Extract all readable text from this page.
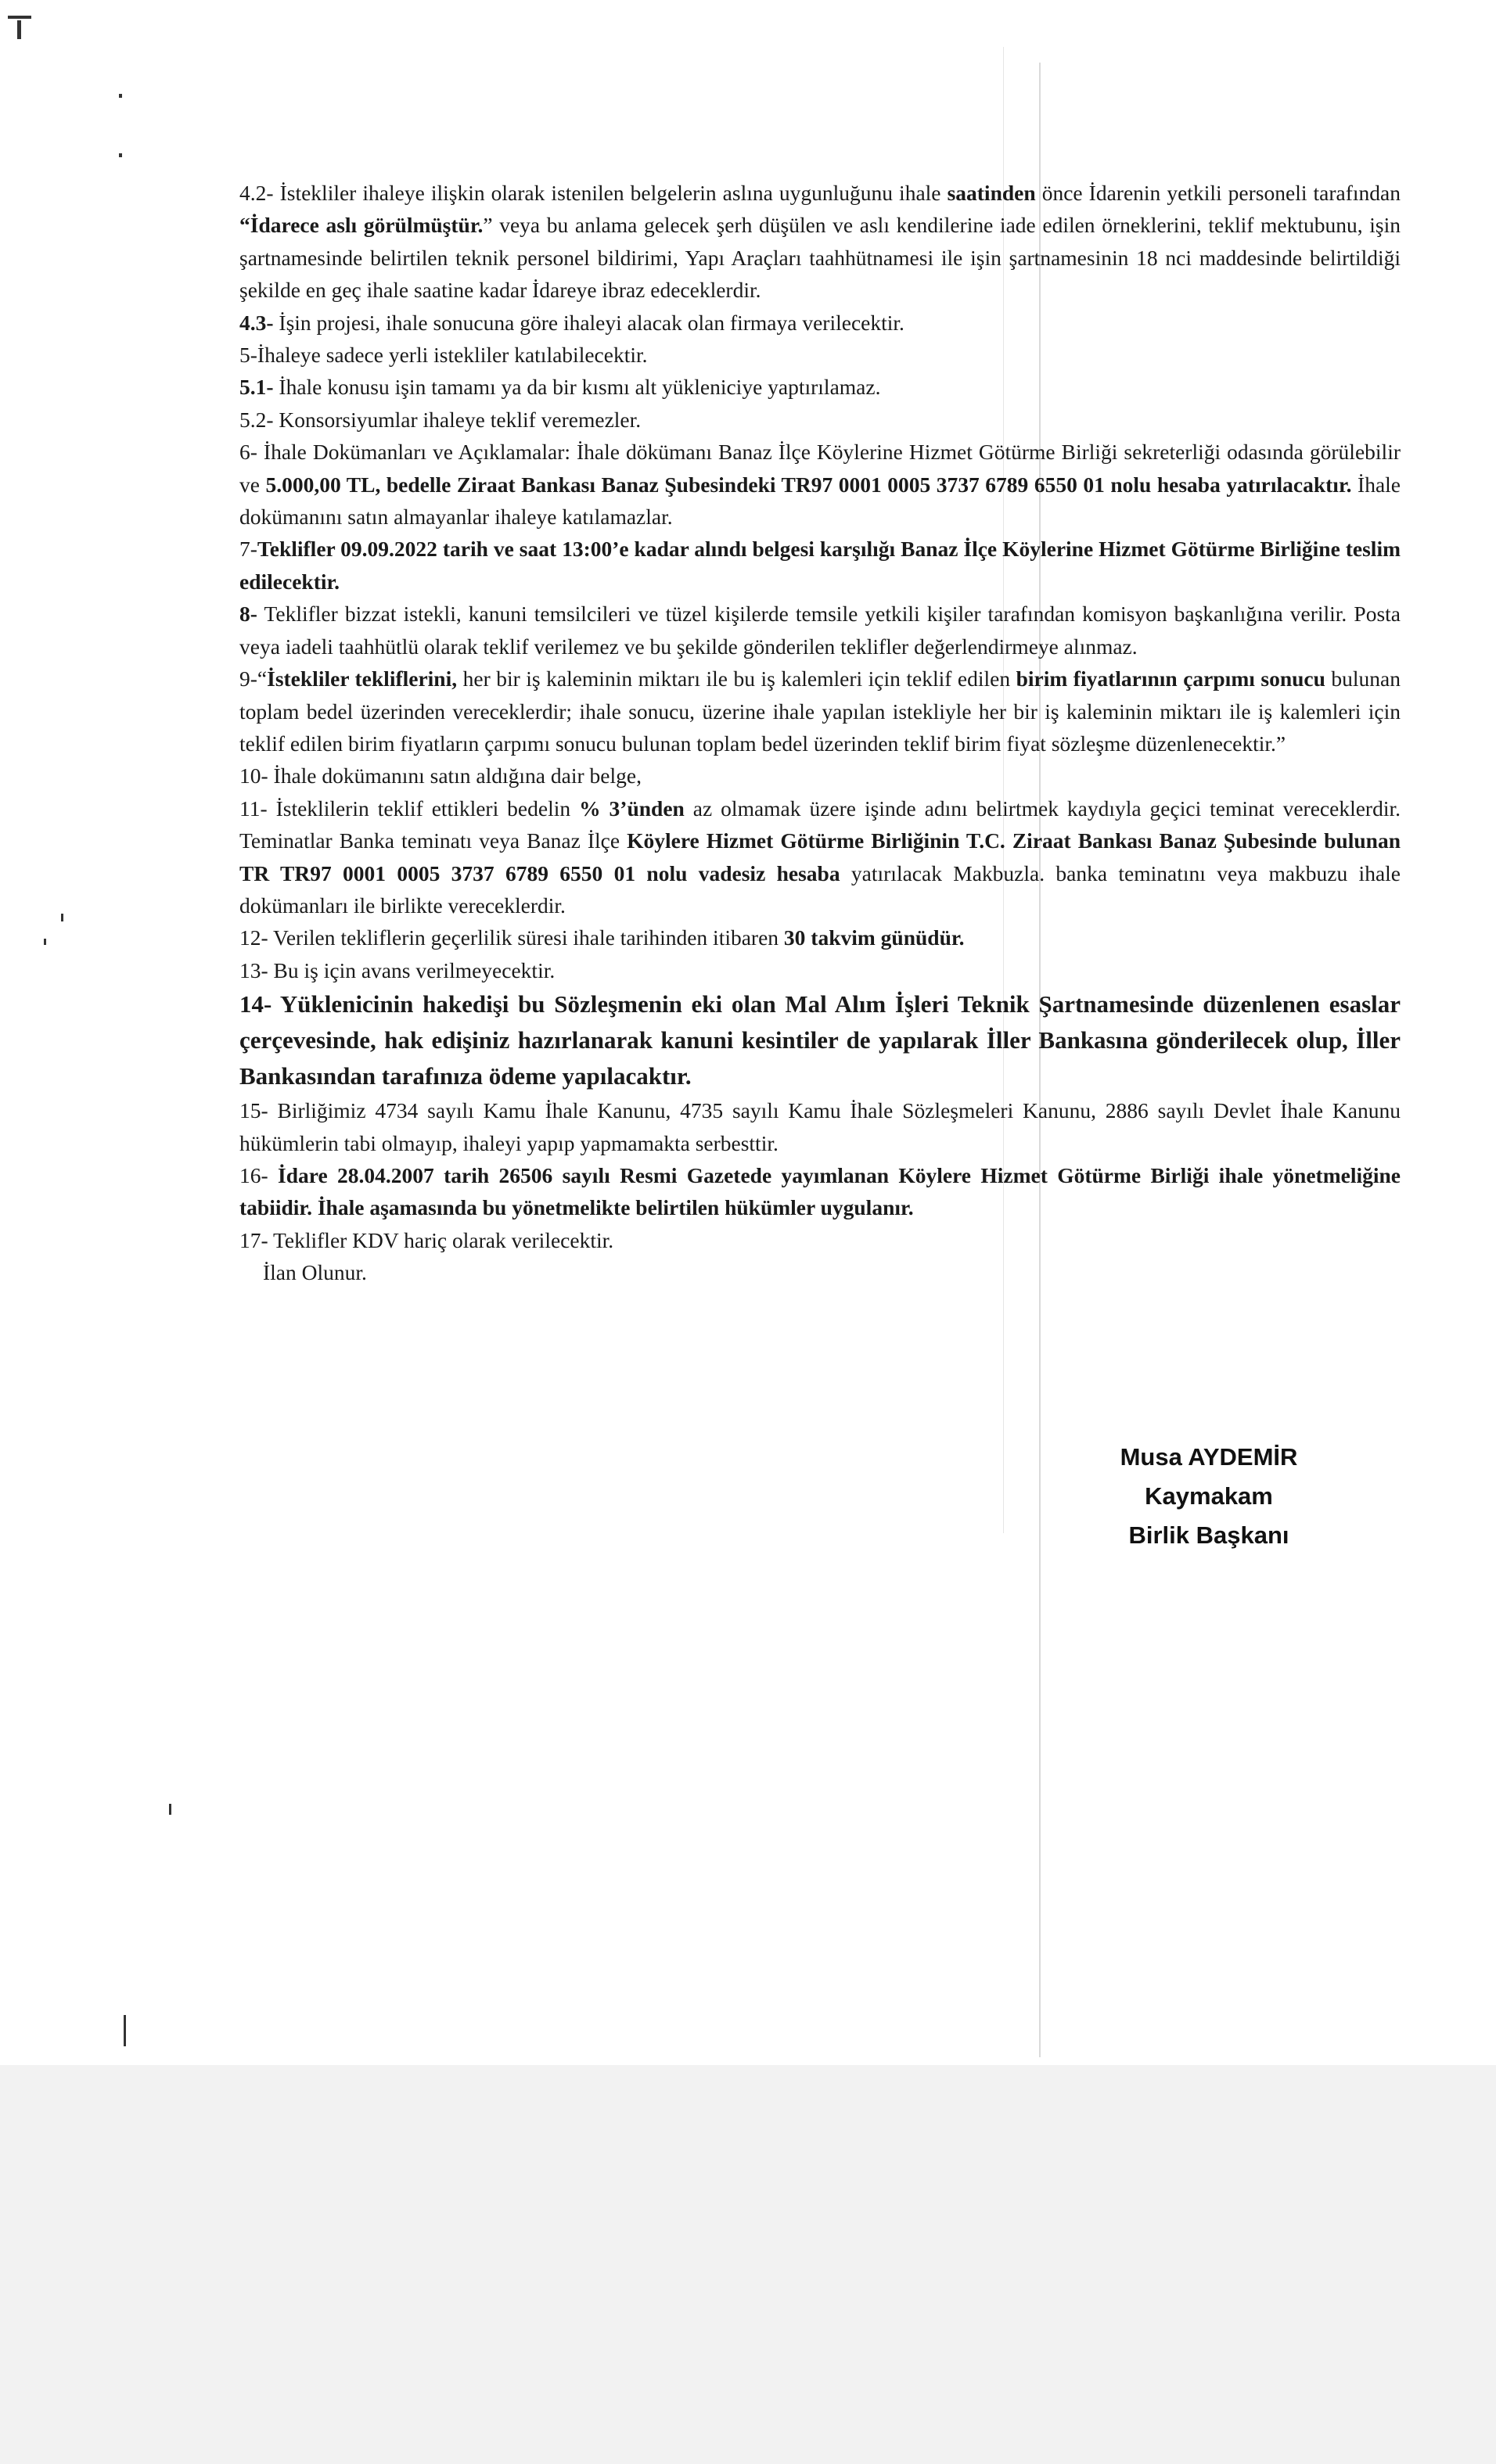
4.2- İstekliler ihaleye ilişkin olarak istenilen belgelerin aslına uygunluğunu ihale saatinden önce İdarenin yetkili personeli tarafından “İdarece aslı görülmüştür.” veya bu anlama gelecek şerh düşülen ve aslı kendilerine iade edilen örneklerini, teklif mektubunu, işin şartnamesinde belirtilen teknik personel bildirimi, Yapı Araçları taahhütnamesi ile işin şartnamesinin 18 nci maddesinde belirtildiği şekilde en geç ihale saatine kadar İdareye ibraz edeceklerdir.

4.3- İşin projesi, ihale sonucuna göre ihaleyi alacak olan firmaya verilecektir.

5-İhaleye sadece yerli istekliler katılabilecektir.

5.1- İhale konusu işin tamamı ya da bir kısmı alt yükleniciye yaptırılamaz.

5.2- Konsorsiyumlar ihaleye teklif veremezler.

6- İhale Dokümanları ve Açıklamalar: İhale dökümanı Banaz İlçe Köylerine Hizmet Götürme Birliği sekreterliği odasında görülebilir ve 5.000,00 TL, bedelle Ziraat Bankası Banaz Şubesindeki TR97 0001 0005 3737 6789 6550 01 nolu hesaba yatırılacaktır. İhale dokümanını satın almayanlar ihaleye katılamazlar.

7-Teklifler 09.09.2022 tarih ve saat 13:00’e kadar alındı belgesi karşılığı Banaz İlçe Köylerine Hizmet Götürme Birliğine teslim edilecektir.

8- Teklifler bizzat istekli, kanuni temsilcileri ve tüzel kişilerde temsile yetkili kişiler tarafından komisyon başkanlığına verilir. Posta veya iadeli taahhütlü olarak teklif verilemez ve bu şekilde gönderilen teklifler değerlendirmeye alınmaz.

9-“İstekliler tekliflerini, her bir iş kaleminin miktarı ile bu iş kalemleri için teklif edilen birim fiyatlarının çarpımı sonucu bulunan toplam bedel üzerinden vereceklerdir; ihale sonucu, üzerine ihale yapılan istekliyle her bir iş kaleminin miktarı ile iş kalemleri için teklif edilen birim fiyatların çarpımı sonucu bulunan toplam bedel üzerinden teklif birim fiyat sözleşme düzenlenecektir.”

10- İhale dokümanını satın aldığına dair belge,

11- İsteklilerin teklif ettikleri bedelin % 3’ünden az olmamak üzere işinde adını belirtmek kaydıyla geçici teminat vereceklerdir. Teminatlar Banka teminatı veya Banaz İlçe Köylere Hizmet Götürme Birliğinin T.C. Ziraat Bankası Banaz Şubesinde bulunan TR TR97 0001 0005 3737 6789 6550 01 nolu vadesiz hesaba yatırılacak Makbuzla. banka teminatını veya makbuzu ihale dokümanları ile birlikte vereceklerdir.

12- Verilen tekliflerin geçerlilik süresi ihale tarihinden itibaren 30 takvim günüdür.

13- Bu iş için avans verilmeyecektir.

14- Yüklenicinin hakedişi bu Sözleşmenin eki olan Mal Alım İşleri Teknik Şartnamesinde düzenlenen esaslar çerçevesinde, hak edişiniz hazırlanarak kanuni kesintiler de yapılarak İller Bankasına gönderilecek olup, İller Bankasından tarafınıza ödeme yapılacaktır.

15- Birliğimiz 4734 sayılı Kamu İhale Kanunu, 4735 sayılı Kamu İhale Sözleşmeleri Kanunu, 2886 sayılı Devlet İhale Kanunu hükümlerin tabi olmayıp, ihaleyi yapıp yapmamakta serbesttir.

16- İdare 28.04.2007 tarih 26506 sayılı Resmi Gazetede yayımlanan Köylere Hizmet Götürme Birliği ihale yönetmeliğine tabiidir. İhale aşamasında bu yönetmelikte belirtilen hükümler uygulanır.

17- Teklifler KDV hariç olarak verilecektir.

İlan Olunur.

Musa AYDEMİR
Kaymakam
Birlik Başkanı
